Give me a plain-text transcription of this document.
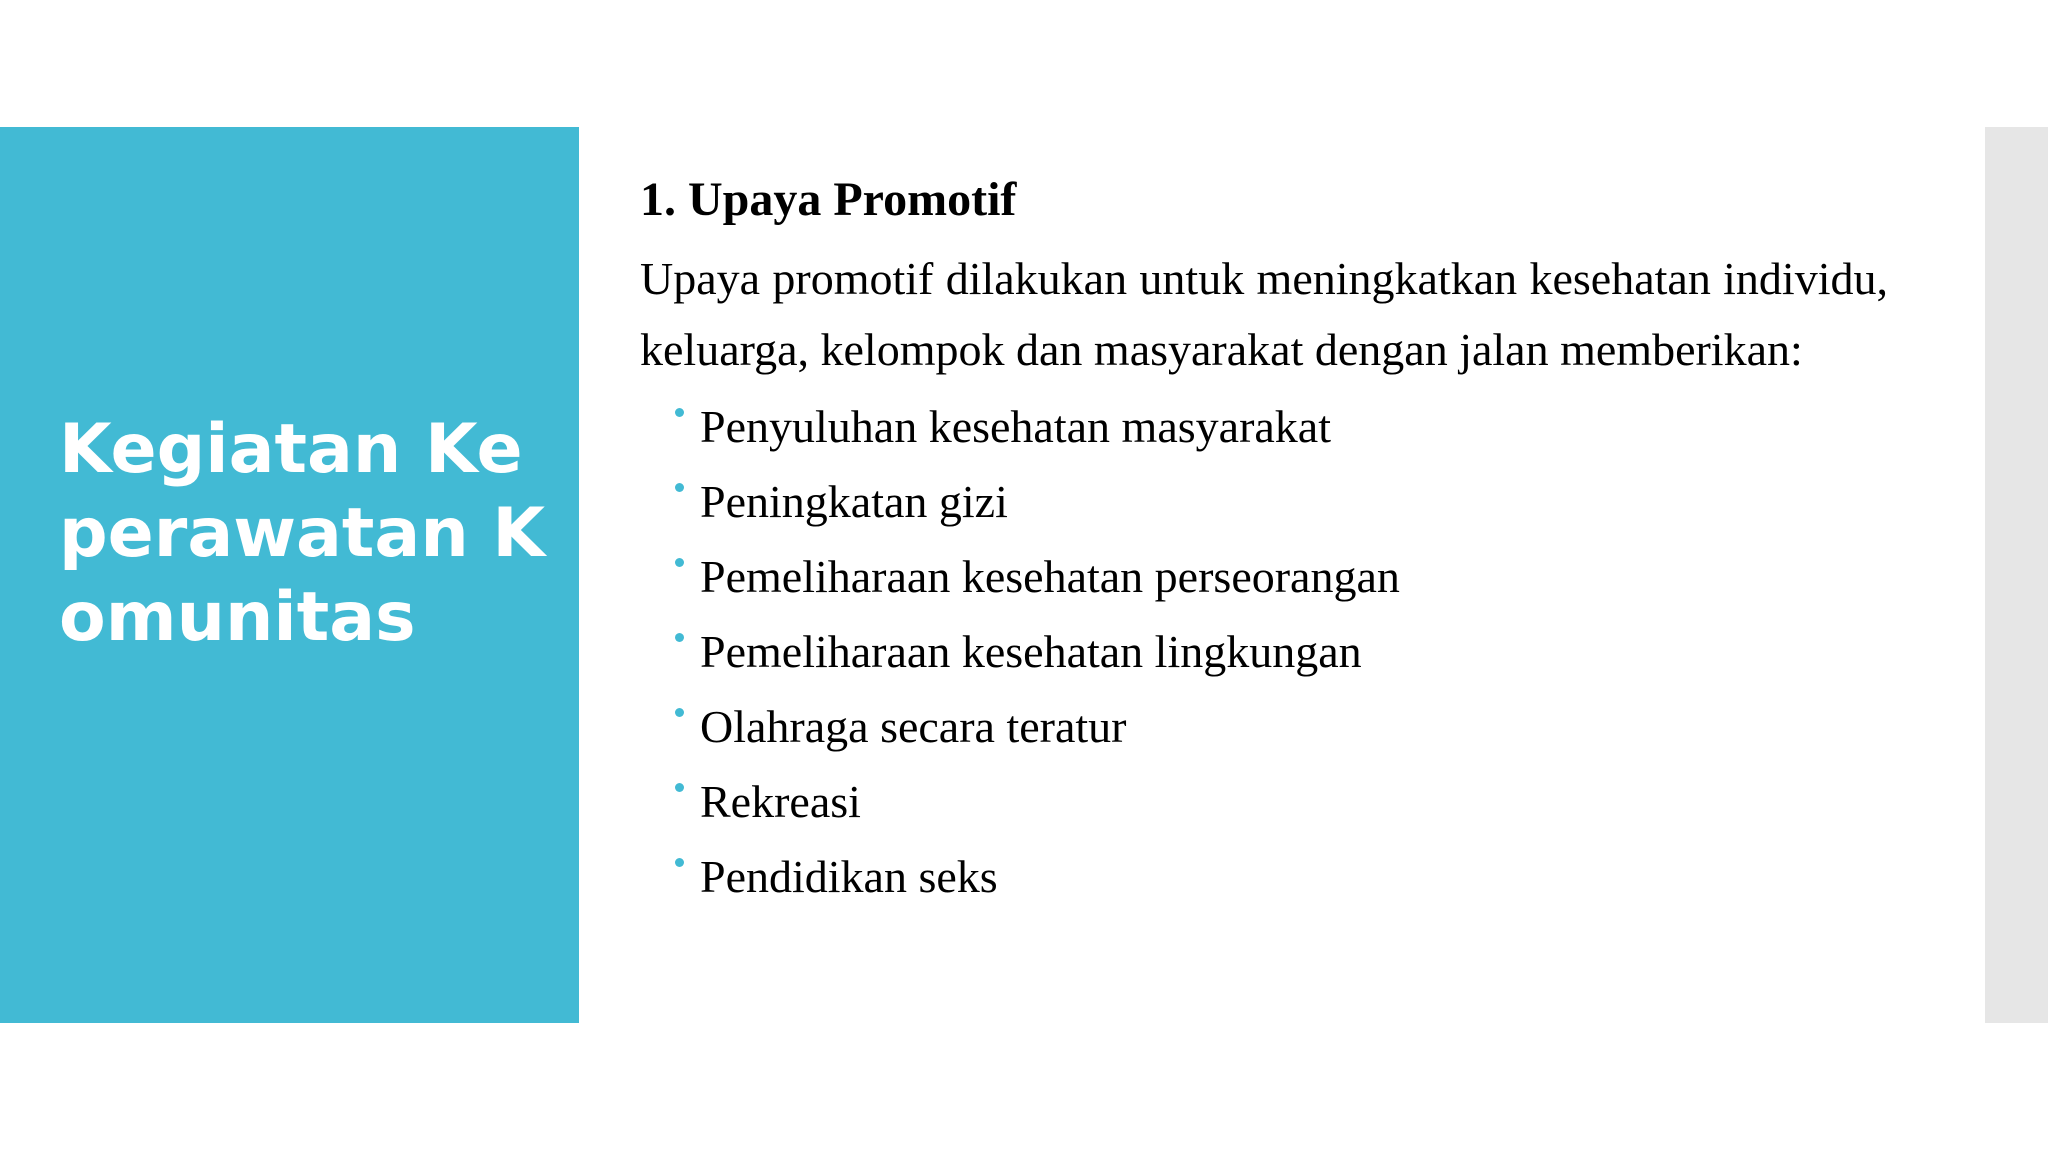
Kegiatan Keperawatan Komunitas
1. Upaya Promotif

Upaya promotif dilakukan untuk meningkatkan kesehatan individu, keluarga, kelompok dan masyarakat dengan jalan memberikan:

Penyuluhan kesehatan masyarakat
Peningkatan gizi
Pemeliharaan kesehatan perseorangan
Pemeliharaan kesehatan lingkungan
Olahraga secara teratur
Rekreasi
Pendidikan seks
